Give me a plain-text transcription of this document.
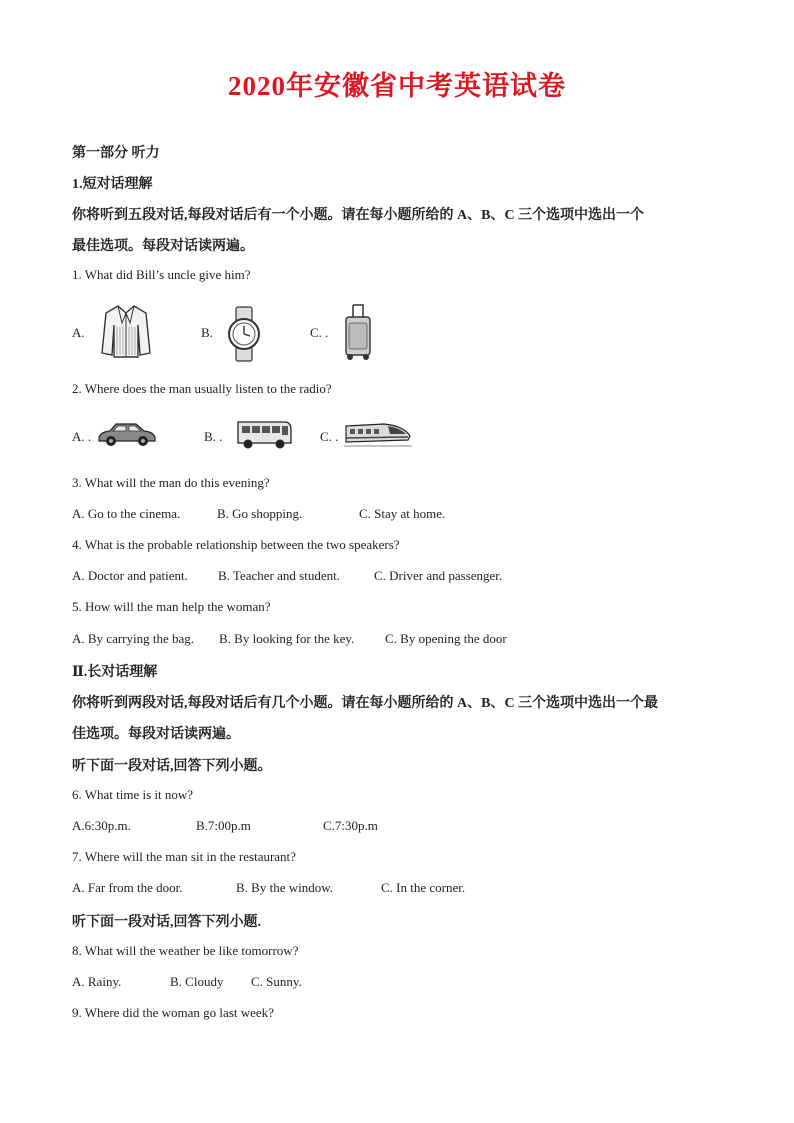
2020年安徽省中考英语试卷
第一部分 听力
1.短对话理解
你将听到五段对话,每段对话后有一个小题。请在每小题所给的 A、B、C 三个选项中选出一个
最佳选项。每段对话读两遍。
1. What did Bill’s uncle give him?
A.	B.	C. .
2. Where does the man usually listen to the radio?
A. .	B. .	C. .
3. What will the man do this evening?
A. Go to the cinema.	B. Go shopping.	C. Stay at home.
4. What is the probable relationship between the two speakers?
A. Doctor and patient. B. Teacher and student.	C. Driver and passenger.
5. How will the man help the woman?
A. By carrying the bag. B. By looking for the key. C. By opening the door
Ⅱ.长对话理解
你将听到两段对话,每段对话后有几个小题。请在每小题所给的 A、B、C 三个选项中选出一个最
佳选项。每段对话读两遍。
听下面一段对话,回答下列小题。
6. What time is it now?
A.6:30p.m.	B.7:00p.m	C.7:30p.m
7. Where will the man sit in the restaurant?
A. Far from the door.	B. By the window.	C. In the corner.
听下面一段对话,回答下列小题.
8. What will the weather be like tomorrow?
A. Rainy.	B. Cloudy C. Sunny.
9. Where did the woman go last week?
